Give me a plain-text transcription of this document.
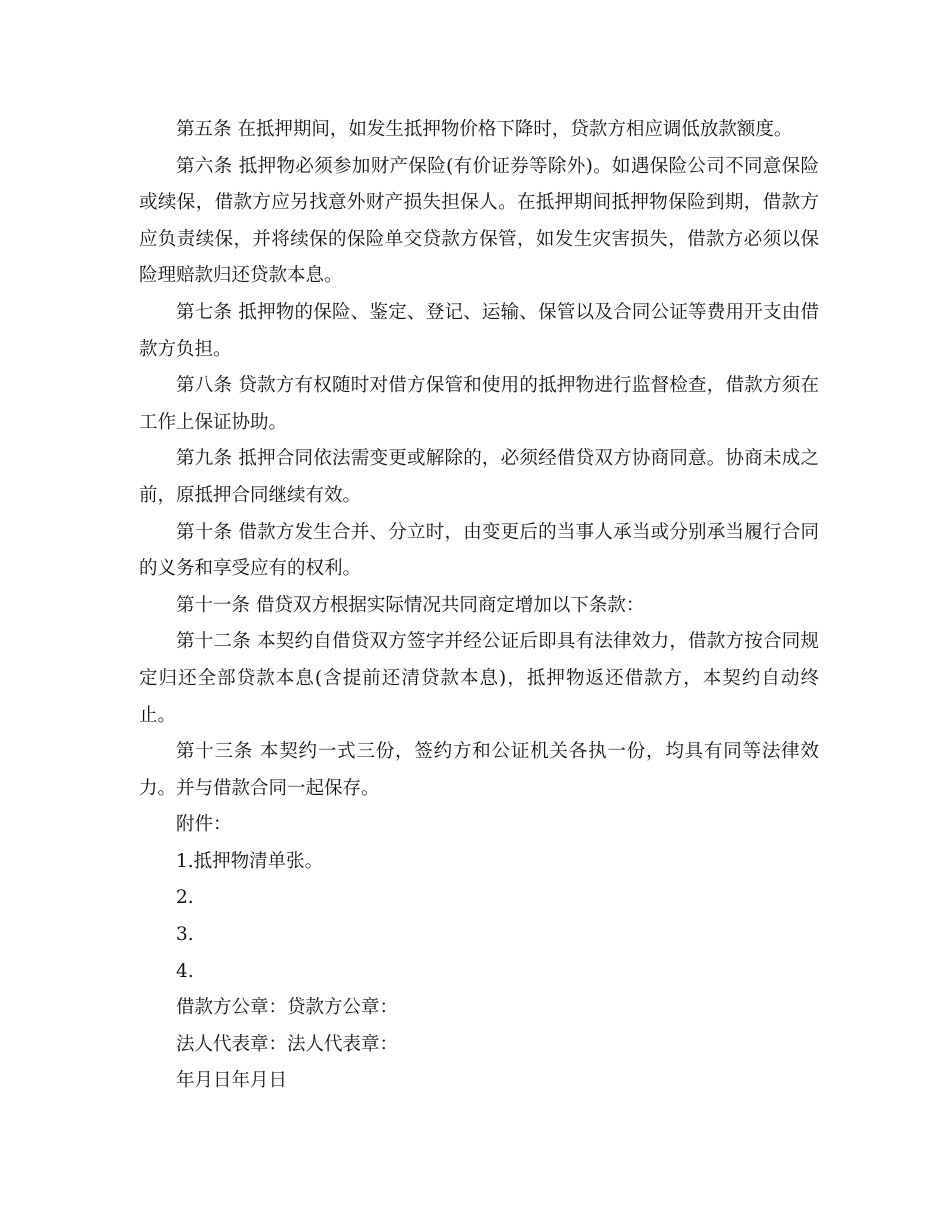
第五条 在抵押期间，如发生抵押物价格下降时，贷款方相应调低放款额度。

第六条 抵押物必须参加财产保险(有价证券等除外)。如遇保险公司不同意保险或续保，借款方应另找意外财产损失担保人。在抵押期间抵押物保险到期，借款方应负责续保，并将续保的保险单交贷款方保管，如发生灾害损失，借款方必须以保险理赔款归还贷款本息。

第七条 抵押物的保险、鉴定、登记、运输、保管以及合同公证等费用开支由借款方负担。

第八条 贷款方有权随时对借方保管和使用的抵押物进行监督检查，借款方须在工作上保证协助。

第九条 抵押合同依法需变更或解除的，必须经借贷双方协商同意。协商未成之前，原抵押合同继续有效。

第十条 借款方发生合并、分立时，由变更后的当事人承当或分别承当履行合同的义务和享受应有的权利。

第十一条 借贷双方根据实际情况共同商定增加以下条款：

第十二条 本契约自借贷双方签字并经公证后即具有法律效力，借款方按合同规定归还全部贷款本息(含提前还清贷款本息)，抵押物返还借款方，本契约自动终止。

第十三条 本契约一式三份，签约方和公证机关各执一份，均具有同等法律效力。并与借款合同一起保存。

附件：

1.抵押物清单张。

2.

3.

4.

借款方公章：贷款方公章：

法人代表章：法人代表章：

年月日年月日
